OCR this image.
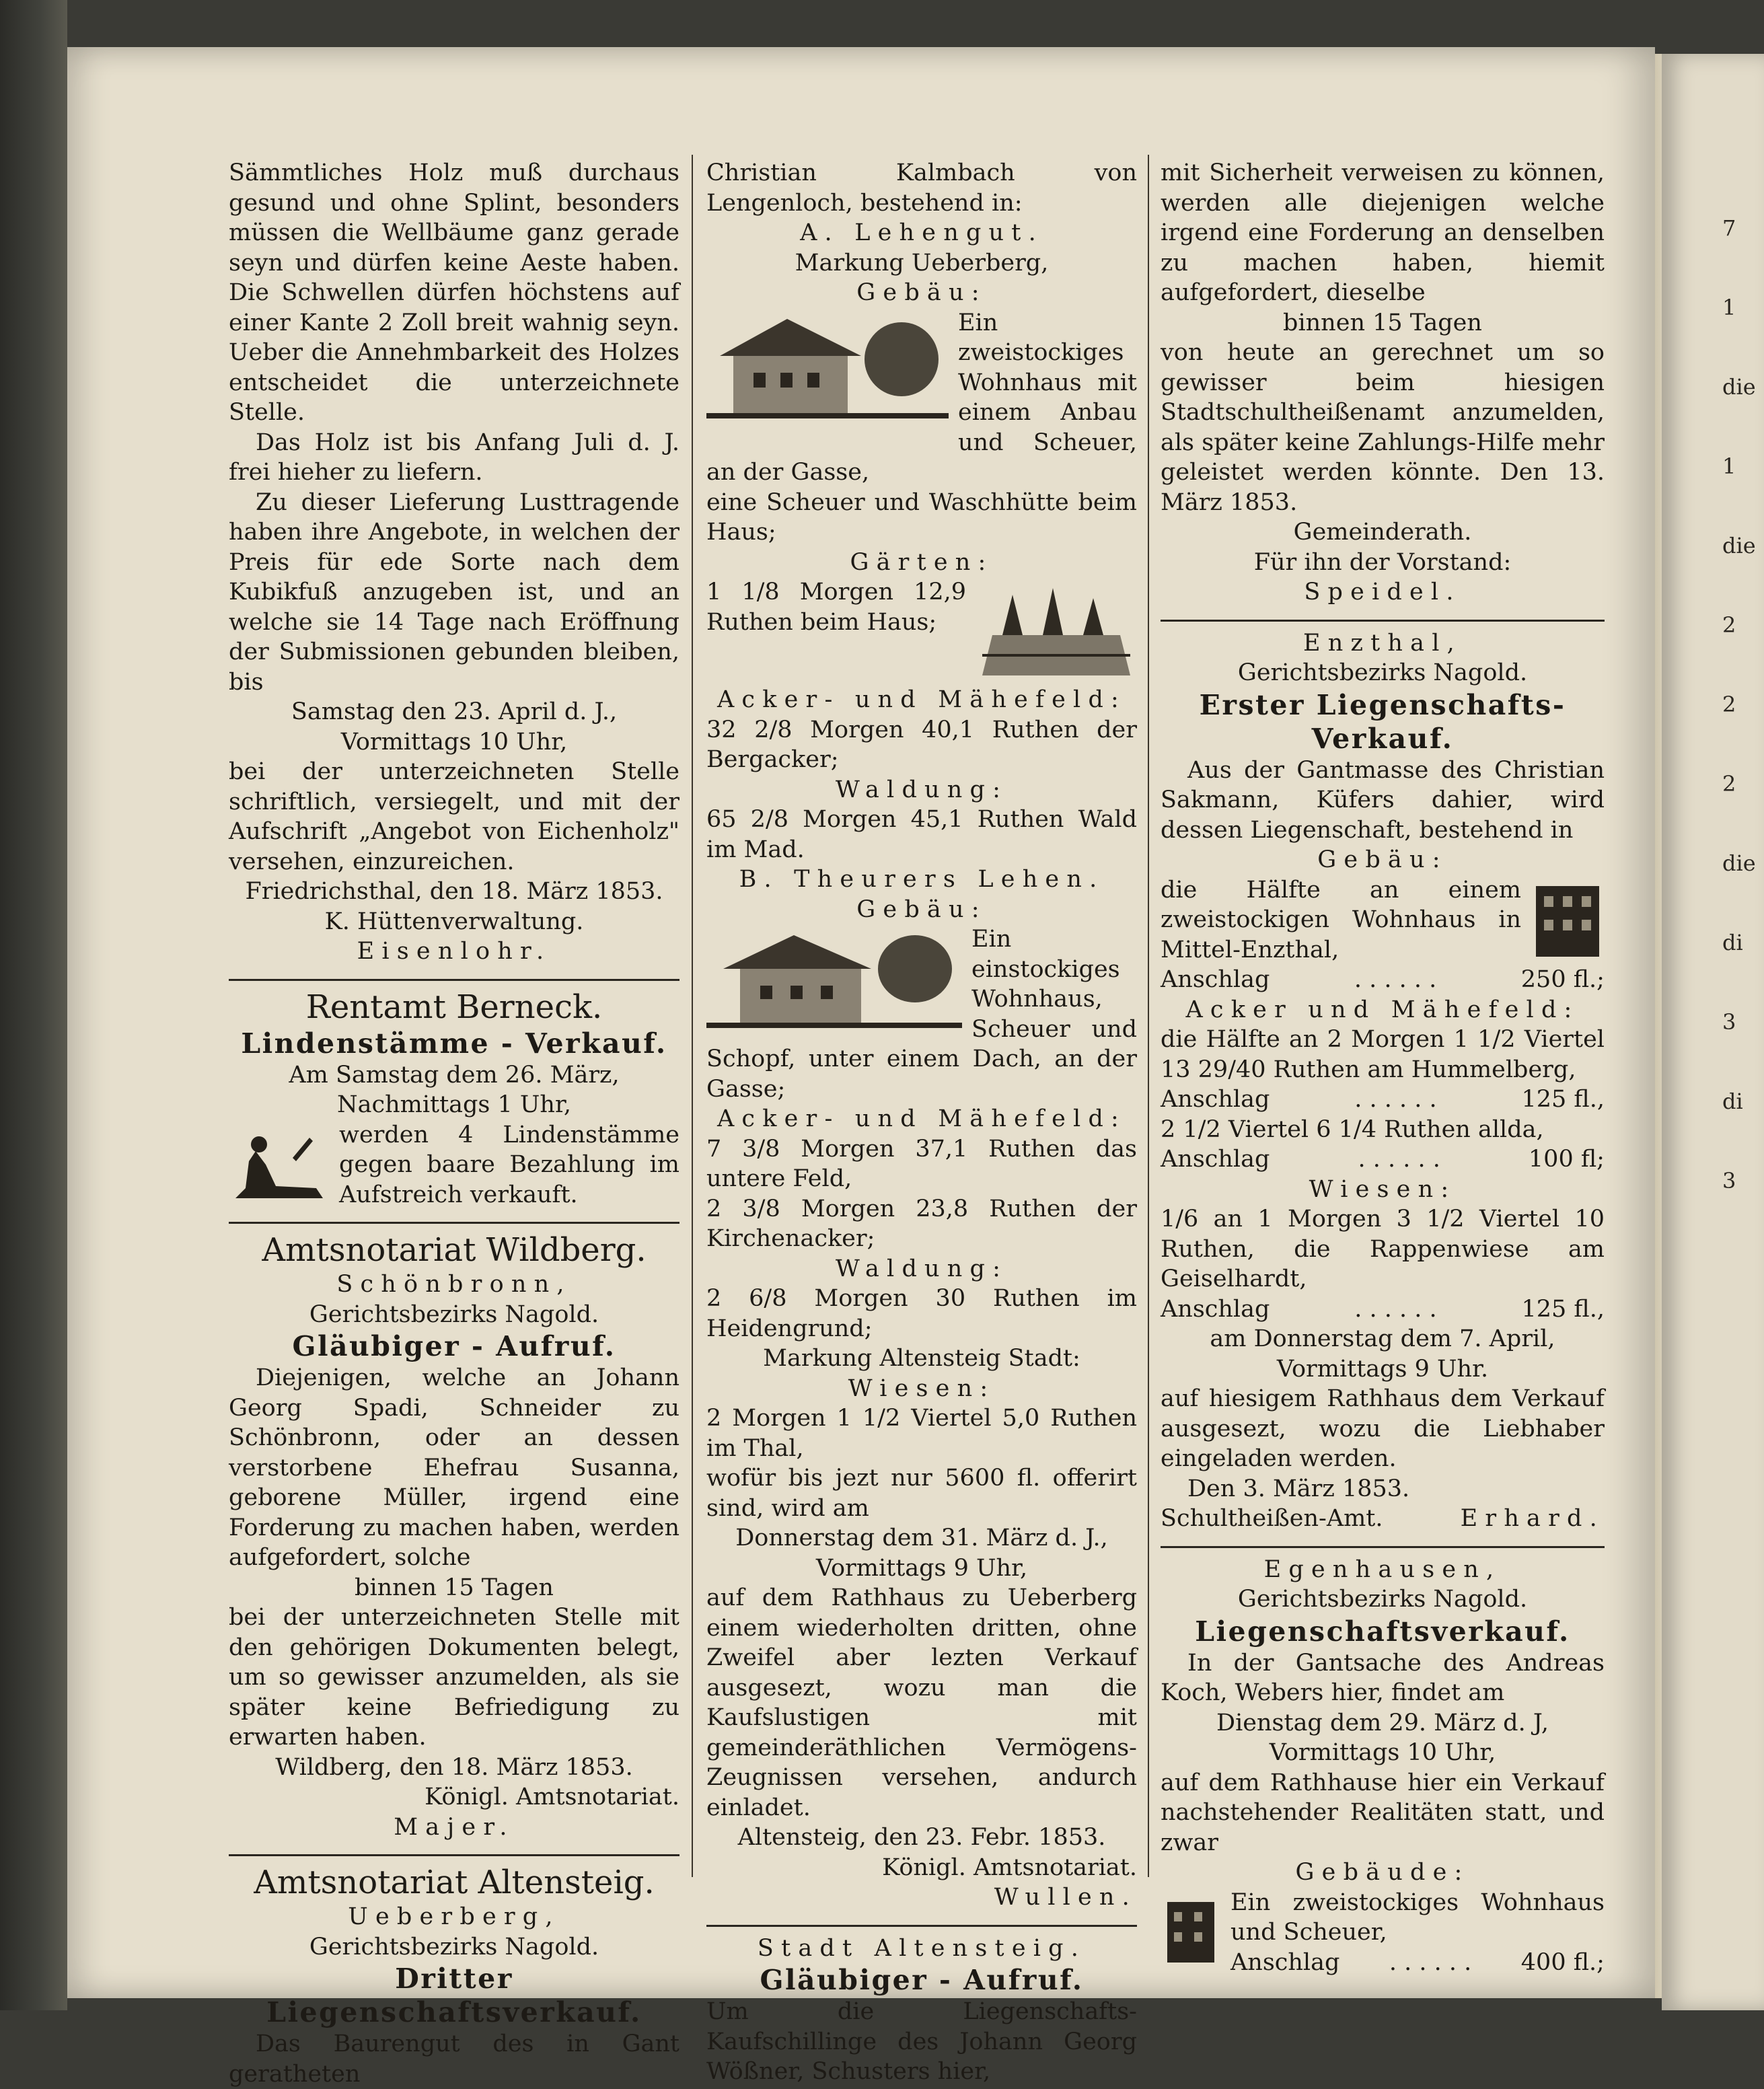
Sämmtliches Holz muß durchaus gesund und ohne Splint, besonders müssen die Wellbäume ganz gerade seyn und dürfen keine Aeste haben. Die Schwellen dürfen höchstens auf einer Kante 2 Zoll breit wahnig seyn. Ueber die Annehmbarkeit des Holzes entscheidet die unterzeichnete Stelle.

Das Holz ist bis Anfang Juli d. J. frei hieher zu liefern.

Zu dieser Lieferung Lusttragende haben ihre Angebote, in welchen der Preis für ede Sorte nach dem Kubikfuß anzugeben ist, und an welche sie 14 Tage nach Eröffnung der Submissionen gebunden bleiben, bis

Samstag den 23. April d. J.,

Vormittags 10 Uhr,

bei der unterzeichneten Stelle schriftlich, versiegelt, und mit der Aufschrift „Angebot von Eichenholz" versehen, einzureichen.

Friedrichsthal, den 18. März 1853.

K. Hüttenverwaltung.

Eisenlohr.

Rentamt Berneck.

Lindenstämme - Verkauf.

Am Samstag dem 26. März,

Nachmittags 1 Uhr,

werden 4 Lindenstämme gegen baare Bezahlung im Aufstreich verkauft.

Amtsnotariat Wildberg.

Schönbronn,

Gerichtsbezirks Nagold.

Gläubiger - Aufruf.

Diejenigen, welche an Johann Georg Spadi, Schneider zu Schönbronn, oder an dessen verstorbene Ehefrau Susanna, geborene Müller, irgend eine Forderung zu machen haben, werden aufgefordert, solche

binnen 15 Tagen

bei der unterzeichneten Stelle mit den gehörigen Dokumenten belegt, um so gewisser anzumelden, als sie später keine Befriedigung zu erwarten haben.

Wildberg, den 18. März 1853.

Königl. Amtsnotariat.

Majer.

Amtsnotariat Altensteig.

Ueberberg,

Gerichtsbezirks Nagold.

Dritter Liegenschaftsverkauf.

Das Baurengut des in Gant geratheten

Christian Kalmbach von Lengenloch, bestehend in:

A. Lehengut.

Markung Ueberberg,

Gebäu:

Ein zweistockiges Wohnhaus mit einem Anbau und Scheuer, an der Gasse,

eine Scheuer und Waschhütte beim Haus;

Gärten:

1 1/8 Morgen 12,9 Ruthen beim Haus;

Acker- und Mähefeld:

32 2/8 Morgen 40,1 Ruthen der Bergacker;

Waldung:

65 2/8 Morgen 45,1 Ruthen Wald im Mad.

B. Theurers Lehen.

Gebäu:

Ein einstockiges Wohnhaus, Scheuer und Schopf, unter einem Dach, an der Gasse;

Acker- und Mähefeld:

7 3/8 Morgen 37,1 Ruthen das untere Feld,

2 3/8 Morgen 23,8 Ruthen der Kirchenacker;

Waldung:

2 6/8 Morgen 30 Ruthen im Heidengrund;

Markung Altensteig Stadt:

Wiesen:

2 Morgen 1 1/2 Viertel 5,0 Ruthen im Thal,

wofür bis jezt nur 5600 fl. offerirt sind, wird am

Donnerstag dem 31. März d. J.,

Vormittags 9 Uhr,

auf dem Rathhaus zu Ueberberg einem wiederholten dritten, ohne Zweifel aber lezten Verkauf ausgesezt, wozu man die Kaufslustigen mit gemeinderäthlichen Vermögens-Zeugnissen versehen, andurch einladet.

Altensteig, den 23. Febr. 1853.

Königl. Amtsnotariat.

Wullen.

Stadt Altensteig.

Gläubiger - Aufruf.

Um die Liegenschafts-Kaufschillinge des Johann Georg Wößner, Schusters hier,

mit Sicherheit verweisen zu können, werden alle diejenigen welche irgend eine Forderung an denselben zu machen haben, hiemit aufgefordert, dieselbe

binnen 15 Tagen

von heute an gerechnet um so gewisser beim hiesigen Stadtschultheißenamt anzumelden, als später keine Zahlungs-Hilfe mehr geleistet werden könnte. Den 13. März 1853.

Gemeinderath.

Für ihn der Vorstand:

Speidel.

Enzthal,

Gerichtsbezirks Nagold.

Erster Liegenschafts-Verkauf.

Aus der Gantmasse des Christian Sakmann, Küfers dahier, wird dessen Liegenschaft, bestehend in

Gebäu:

die Hälfte an einem zweistockigen Wohnhaus in Mittel-Enzthal,

Anschlag	. . . . . .	250 fl.;

Acker und Mähefeld:

die Hälfte an 2 Morgen 1 1/2 Viertel 13 29/40 Ruthen am Hummelberg,

Anschlag	. . . . . .	125 fl.,

2 1/2 Viertel 6 1/4 Ruthen allda,

Anschlag	. . . . . .	100 fl;

Wiesen:

1/6 an 1 Morgen 3 1/2 Viertel 10 Ruthen, die Rappenwiese am Geiselhardt,

Anschlag	. . . . . .	125 fl.,

am Donnerstag dem 7. April,

Vormittags 9 Uhr.

auf hiesigem Rathhaus dem Verkauf ausgesezt, wozu die Liebhaber eingeladen werden.

Den 3. März 1853.

Schultheißen-Amt.	Erhard.

Egenhausen,

Gerichtsbezirks Nagold.

Liegenschaftsverkauf.

In der Gantsache des Andreas Koch, Webers hier, findet am

Dienstag dem 29. März d. J,

Vormittags 10 Uhr,

auf dem Rathhause hier ein Verkauf nachstehender Realitäten statt, und zwar

Gebäude:

Ein zweistockiges Wohnhaus und Scheuer,

Anschlag . . . . . . 400 fl.;
7
1
die
1
die
2
2
2
die
di
3
di
3
